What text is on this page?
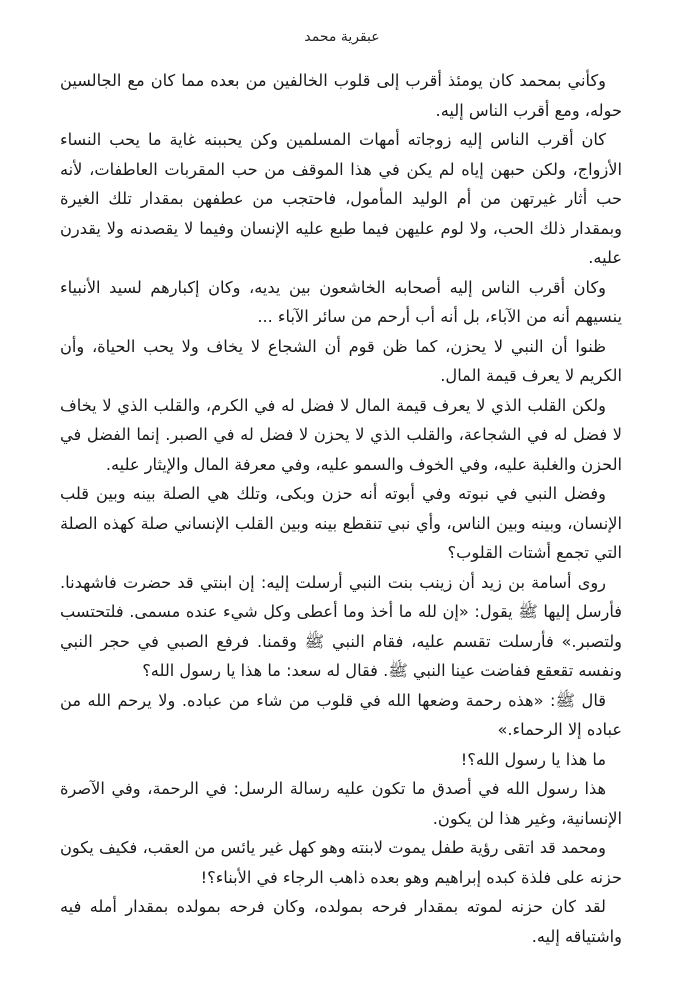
عبقرية محمد

وكأني بمحمد كان يومئذ أقرب إلى قلوب الخالفين من بعده مما كان مع الجالسين حوله، ومع أقرب الناس إليه.

كان أقرب الناس إليه زوجاته أمهات المسلمين وكن يحببنه غاية ما يحب النساء الأزواج، ولكن حبهن إياه لم يكن في هذا الموقف من حب المقربات العاطفات، لأنه حب أثار غيرتهن من أم الوليد المأمول، فاحتجب من عطفهن بمقدار تلك الغيرة وبمقدار ذلك الحب، ولا لوم عليهن فيما طبع عليه الإنسان وفيما لا يقصدنه ولا يقدرن عليه.

وكان أقرب الناس إليه أصحابه الخاشعون بين يديه، وكان إكبارهم لسيد الأنبياء ينسيهم أنه من الآباء، بل أنه أب أرحم من سائر الآباء ...

ظنوا أن النبي لا يحزن، كما ظن قوم أن الشجاع لا يخاف ولا يحب الحياة، وأن الكريم لا يعرف قيمة المال.

ولكن القلب الذي لا يعرف قيمة المال لا فضل له في الكرم، والقلب الذي لا يخاف لا فضل له في الشجاعة، والقلب الذي لا يحزن لا فضل له في الصبر. إنما الفضل في الحزن والغلبة عليه، وفي الخوف والسمو عليه، وفي معرفة المال والإيثار عليه.

وفضل النبي في نبوته وفي أبوته أنه حزن وبكى، وتلك هي الصلة بينه وبين قلب الإنسان، وبينه وبين الناس، وأي نبي تنقطع بينه وبين القلب الإنساني صلة كهذه الصلة التي تجمع أشتات القلوب؟

روى أسامة بن زيد أن زينب بنت النبي أرسلت إليه: إن ابنتي قد حضرت فاشهدنا. فأرسل إليها ﷺ يقول: «إن لله ما أخذ وما أعطى وكل شيء عنده مسمى. فلتحتسب ولتصبر.» فأرسلت تقسم عليه، فقام النبي ﷺ وقمنا. فرفع الصبي في حجر النبي ونفسه تقعقع ففاضت عينا النبي ﷺ. فقال له سعد: ما هذا يا رسول الله؟

قال ﷺ: «هذه رحمة وضعها الله في قلوب من شاء من عباده. ولا يرحم الله من عباده إلا الرحماء.»

ما هذا يا رسول الله؟!

هذا رسول الله في أصدق ما تكون عليه رسالة الرسل: في الرحمة، وفي الآصرة الإنسانية، وغير هذا لن يكون.

ومحمد قد اتقى رؤية طفل يموت لابنته وهو كهل غير يائس من العقب، فكيف يكون حزنه على فلذة كبده إبراهيم وهو بعده ذاهب الرجاء في الأبناء؟!

لقد كان حزنه لموته بمقدار فرحه بمولده، وكان فرحه بمولده بمقدار أمله فيه واشتياقه إليه.
